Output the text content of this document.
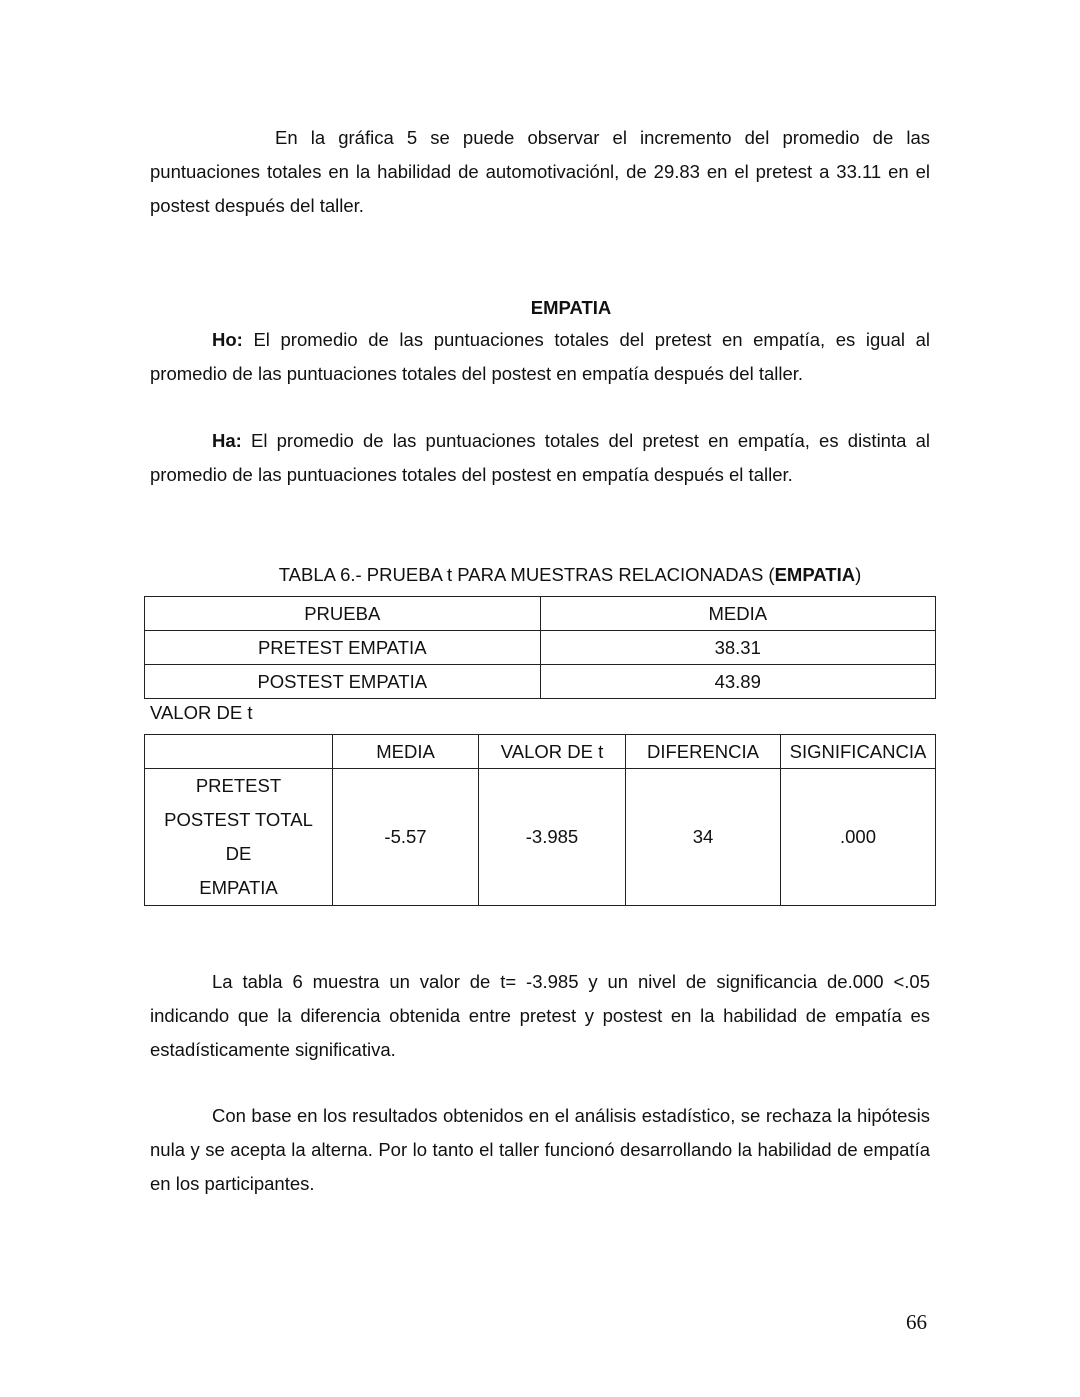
En la gráfica 5 se puede observar el incremento del promedio de las puntuaciones totales en la habilidad de automotivaciónl, de 29.83 en el pretest a 33.11 en el postest después del taller.

EMPATIA

Ho: El promedio de las puntuaciones totales del pretest en empatía, es igual al promedio de las puntuaciones totales del postest en empatía después del taller.

Ha: El promedio de las puntuaciones totales del pretest en empatía, es distinta al promedio de las puntuaciones totales del postest en empatía después el taller.

TABLA 6.- PRUEBA t PARA MUESTRAS RELACIONADAS (EMPATIA)
PRUEBA	MEDIA
PRETEST EMPATIA	38.31
POSTEST EMPATIA	43.89
VALOR DE t
	MEDIA	VALOR DE t	DIFERENCIA	SIGNIFICANCIA

PRETEST
POSTEST TOTAL
DE
EMPATIA	-5.57	-3.985	34	.000

La tabla 6 muestra un valor de t= -3.985 y un nivel de significancia de.000 <.05 indicando que la diferencia obtenida entre pretest y postest en la habilidad de empatía es estadísticamente significativa.

Con base en los resultados obtenidos en el análisis estadístico, se rechaza la hipótesis nula y se acepta la alterna. Por lo tanto el taller funcionó desarrollando la habilidad de empatía en los participantes.

66
